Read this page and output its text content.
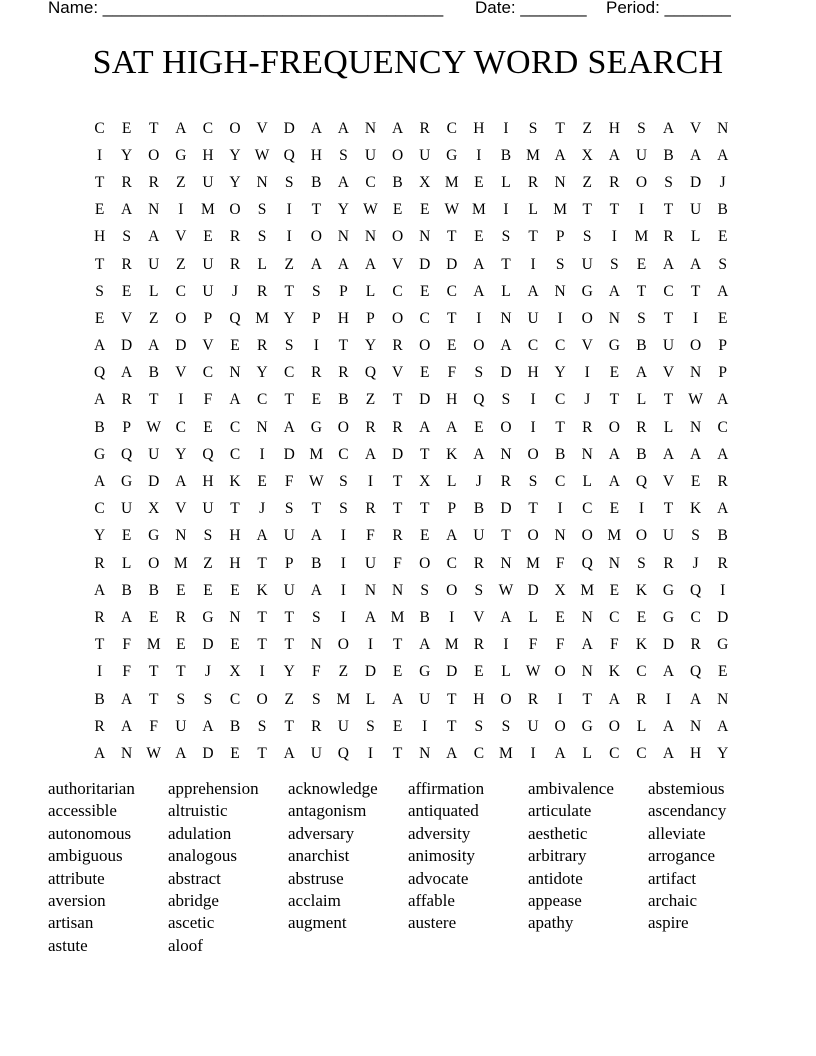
Name: ____________________________________ Date: _______ Period: _______
SAT HIGH-FREQUENCY WORD SEARCH
C	E	T	A	C	O	V	D	A	A	N	A	R	C	H	I	S	T	Z	H	S	A	V	N
I	Y	O	G	H	Y W Q	H	S	U	O	U	G	I	B M A	X	A	U	B	A	A
T	R	R	Z	U	Y	N	S	B	A	C	B	X M E	L	R	N	Z	R	O	S	D	J
E	A	N	I	M O	S	I	T	Y W E	E W M	I	L M T	T	I	T	U	B
H	S	A	V	E	R	S	I	O	N	N	O	N	T	E	S	T	P	S	I	M R	L	E
T	R	U	Z	U	R	L	Z	A	A	A	V	D	D	A	T	I	S	U	S	E	A	A	S
S	E	L	C	U	J	R	T	S	P	L	C	E	C	A	L	A	N	G	A	T	C	T	A
E	V	Z	O	P	Q M Y	P	H	P	O	C	T	I	N	U	I	O	N	S	T	I	E
A	D	A	D	V	E	R	S	I	T	Y	R	O	E	O	A	C	C	V	G	B	U	O	P
Q	A	B	V	C	N	Y	C	R	R	Q	V	E	F	S	D	H	Y	I	E	A	V	N	P
A	R	T	I	F	A	C	T	E	B	Z	T	D	H	Q	S	I	C	J	T	L	T W A
B	P W C	E	C	N	A	G	O	R	R	A	A	E	O	I	T	R	O	R	L	N	C
G	Q	U	Y	Q	C	I	D M C	A	D	T	K	A	N	O	B	N	A	B	A	A	A
A	G	D	A	H	K	E	F W S	I	T	X	L	J	R	S	C	L	A	Q	V	E	R
C	U	X	V	U	T	J	S	T	S	R	T	T	P	B	D	T	I	C	E	I	T	K	A
Y	E	G	N	S	H	A	U	A	I	F	R	E	A	U	T	O	N	O M O	U	S	B
R	L	O M Z	H	T	P	B	I	U	F	O	C	R	N M	F	Q	N	S	R	J	R
A	B	B	E	E	E	K	U	A	I	N	N	S	O	S W D	X M E	K	G	Q	I
R	A	E	R	G	N	T	T	S	I	A M B	I	V	A	L	E	N	C	E	G	C	D
T	F	M E	D	E	T	T	N	O	I	T	A M R	I	F	F	A	F	K	D	R	G
I	F	T	T	J	X	I	Y	F	Z	D	E	G	D	E	L W O	N	K	C	A	Q	E
B	A	T	S	S	C	O	Z	S	M L	A	U	T	H	O	R	I	T	A	R	I	A	N
R	A	F	U	A	B	S	T	R	U	S	E	I	T	S	S	U	O	G	O	L	A	N	A
A	N W A	D	E	T	A	U	Q	I	T	N	A	C M	I	A	L	C	C	A	H	Y
authoritarian	apprehension	acknowledge	affirmation	ambivalence	abstemious
accessible	altruistic	antagonism	antiquated	articulate	ascendancy
autonomous	adulation	adversary	adversity	aesthetic	alleviate
ambiguous	analogous	anarchist	animosity	arbitrary	arrogance
attribute	abstract	abstruse	advocate	antidote	artifact
aversion	abridge	acclaim	affable	appease	archaic
artisan	ascetic	augment	austere	apathy	aspire
astute	aloof
